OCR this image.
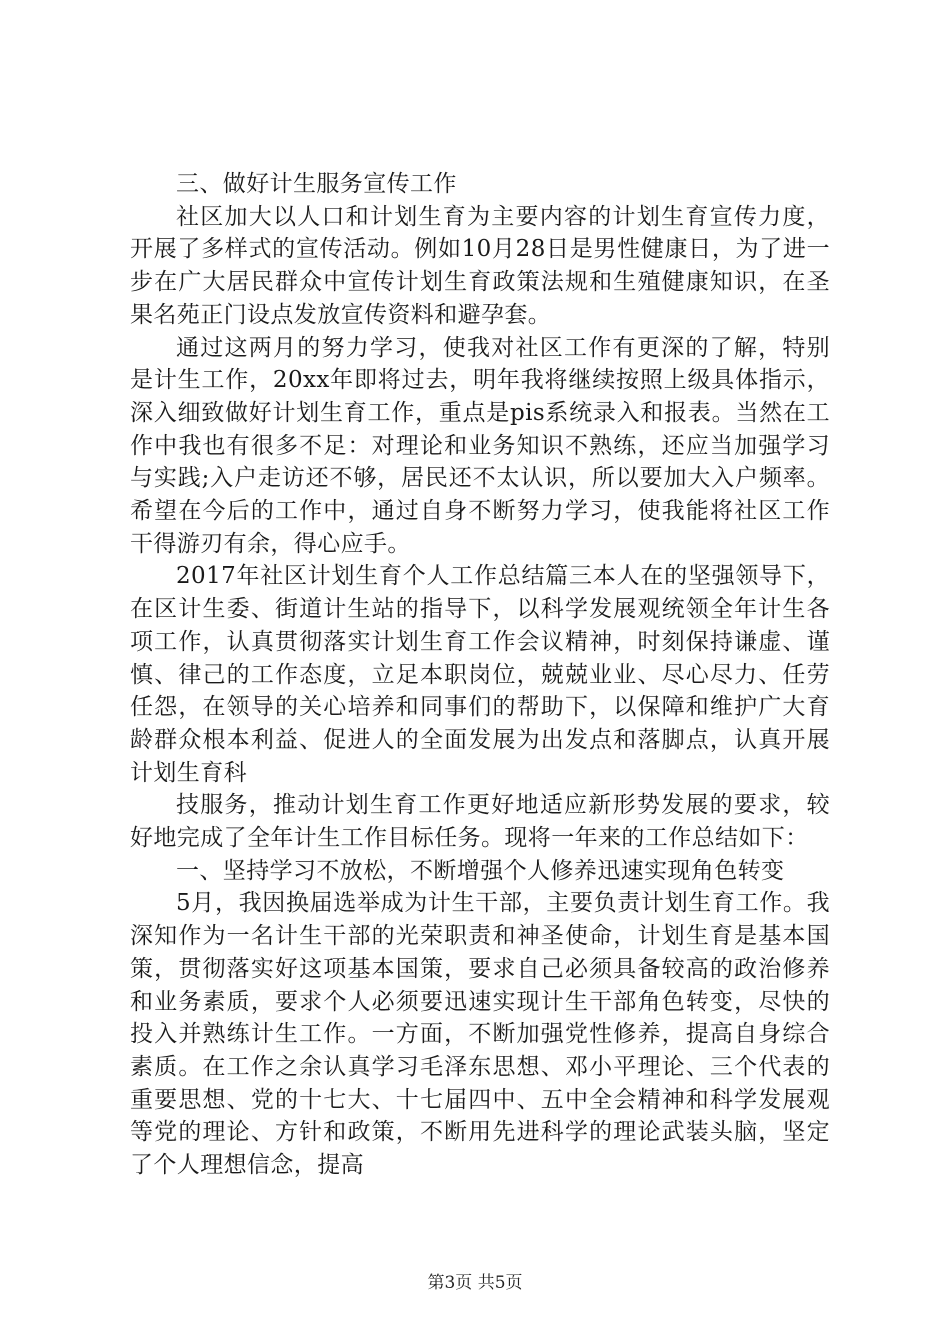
三、做好计生服务宣传工作

社区加大以人口和计划生育为主要内容的计划生育宣传力度，开展了多样式的宣传活动。例如10月28日是男性健康日，为了进一步在广大居民群众中宣传计划生育政策法规和生殖健康知识，在圣果名苑正门设点发放宣传资料和避孕套。

通过这两月的努力学习，使我对社区工作有更深的了解，特别是计生工作，20xx年即将过去，明年我将继续按照上级具体指示，深入细致做好计划生育工作，重点是pis系统录入和报表。当然在工作中我也有很多不足：对理论和业务知识不熟练，还应当加强学习与实践;入户走访还不够，居民还不太认识，所以要加大入户频率。希望在今后的工作中，通过自身不断努力学习，使我能将社区工作干得游刃有余，得心应手。

2017年社区计划生育个人工作总结篇三本人在的坚强领导下，在区计生委、街道计生站的指导下，以科学发展观统领全年计生各项工作，认真贯彻落实计划生育工作会议精神，时刻保持谦虚、谨慎、律己的工作态度，立足本职岗位，兢兢业业、尽心尽力、任劳任怨，在领导的关心培养和同事们的帮助下，以保障和维护广大育龄群众根本利益、促进人的全面发展为出发点和落脚点，认真开展计划生育科

技服务，推动计划生育工作更好地适应新形势发展的要求，较好地完成了全年计生工作目标任务。现将一年来的工作总结如下：

一、坚持学习不放松，不断增强个人修养迅速实现角色转变

5月，我因换届选举成为计生干部，主要负责计划生育工作。我深知作为一名计生干部的光荣职责和神圣使命，计划生育是基本国策，贯彻落实好这项基本国策，要求自己必须具备较高的政治修养和业务素质，要求个人必须要迅速实现计生干部角色转变，尽快的投入并熟练计生工作。一方面，不断加强党性修养，提高自身综合素质。在工作之余认真学习毛泽东思想、邓小平理论、三个代表的重要思想、党的十七大、十七届四中、五中全会精神和科学发展观等党的理论、方针和政策，不断用先进科学的理论武装头脑，坚定了个人理想信念，提高

第3页 共5页
